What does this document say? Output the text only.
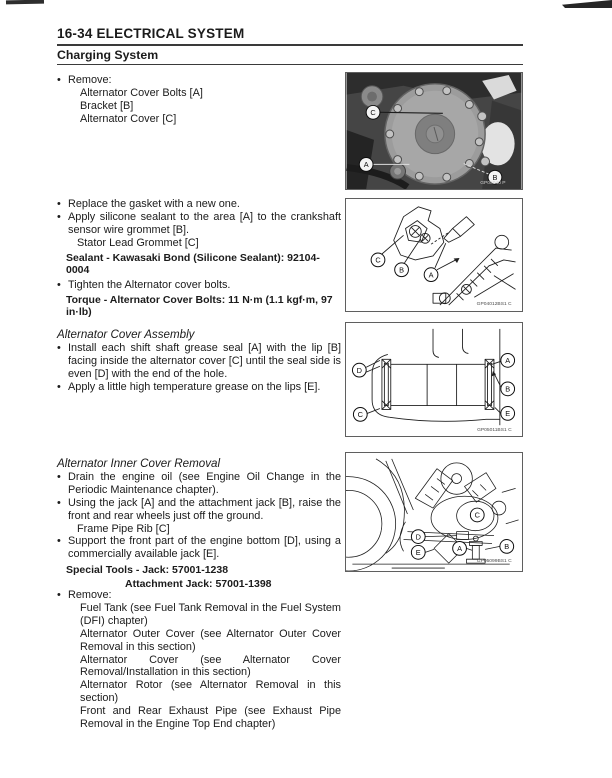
16-34 ELECTRICAL SYSTEM
Charging System

• Remove:

Alternator Cover Bolts [A]

Bracket [B]

Alternator Cover [C]

• Replace the gasket with a new one.

• Apply silicone sealant to the area [A] to the crankshaft sensor wire grommet [B].

Stator Lead Grommet [C]

Sealant - Kawasaki Bond (Silicone Sealant): 92104-0004

• Tighten the Alternator cover bolts.

Torque - Alternator Cover Bolts: 11 N·m (1.1 kgf·m, 97 in·lb)

Alternator Cover Assembly

• Install each shift shaft grease seal [A] with the lip [B] facing inside the alternator cover [C] until the seal side is even [D] with the end of the hole.

• Apply a little high temperature grease on the lips [E].

Alternator Inner Cover Removal

• Drain the engine oil (see Engine Oil Change in the Periodic Maintenance chapter).

• Using the jack [A] and the attachment jack [B], raise the front and rear wheels just off the ground.

Frame Pipe Rib [C]

• Support the front part of the engine bottom [D], using a commercially available jack [E].

Special Tools - Jack: 57001-1238

Attachment Jack: 57001-1398

• Remove:

Fuel Tank (see Fuel Tank Removal in the Fuel System (DFI) chapter)

Alternator Outer Cover (see Alternator Outer Cover Removal in this section)

Alternator Cover (see Alternator Cover Removal/Installation in this section)

Alternator Rotor (see Alternator Removal in this section)

Front and Rear Exhaust Pipe (see Exhaust Pipe Removal in the Engine Top End chapter)

C
A
B
GP05040 P
C
B
A
GP04012BS1 C
D
A
B
C	E
GP05011BS1 C
C
D
E	A	B
GP05099BS1 C
